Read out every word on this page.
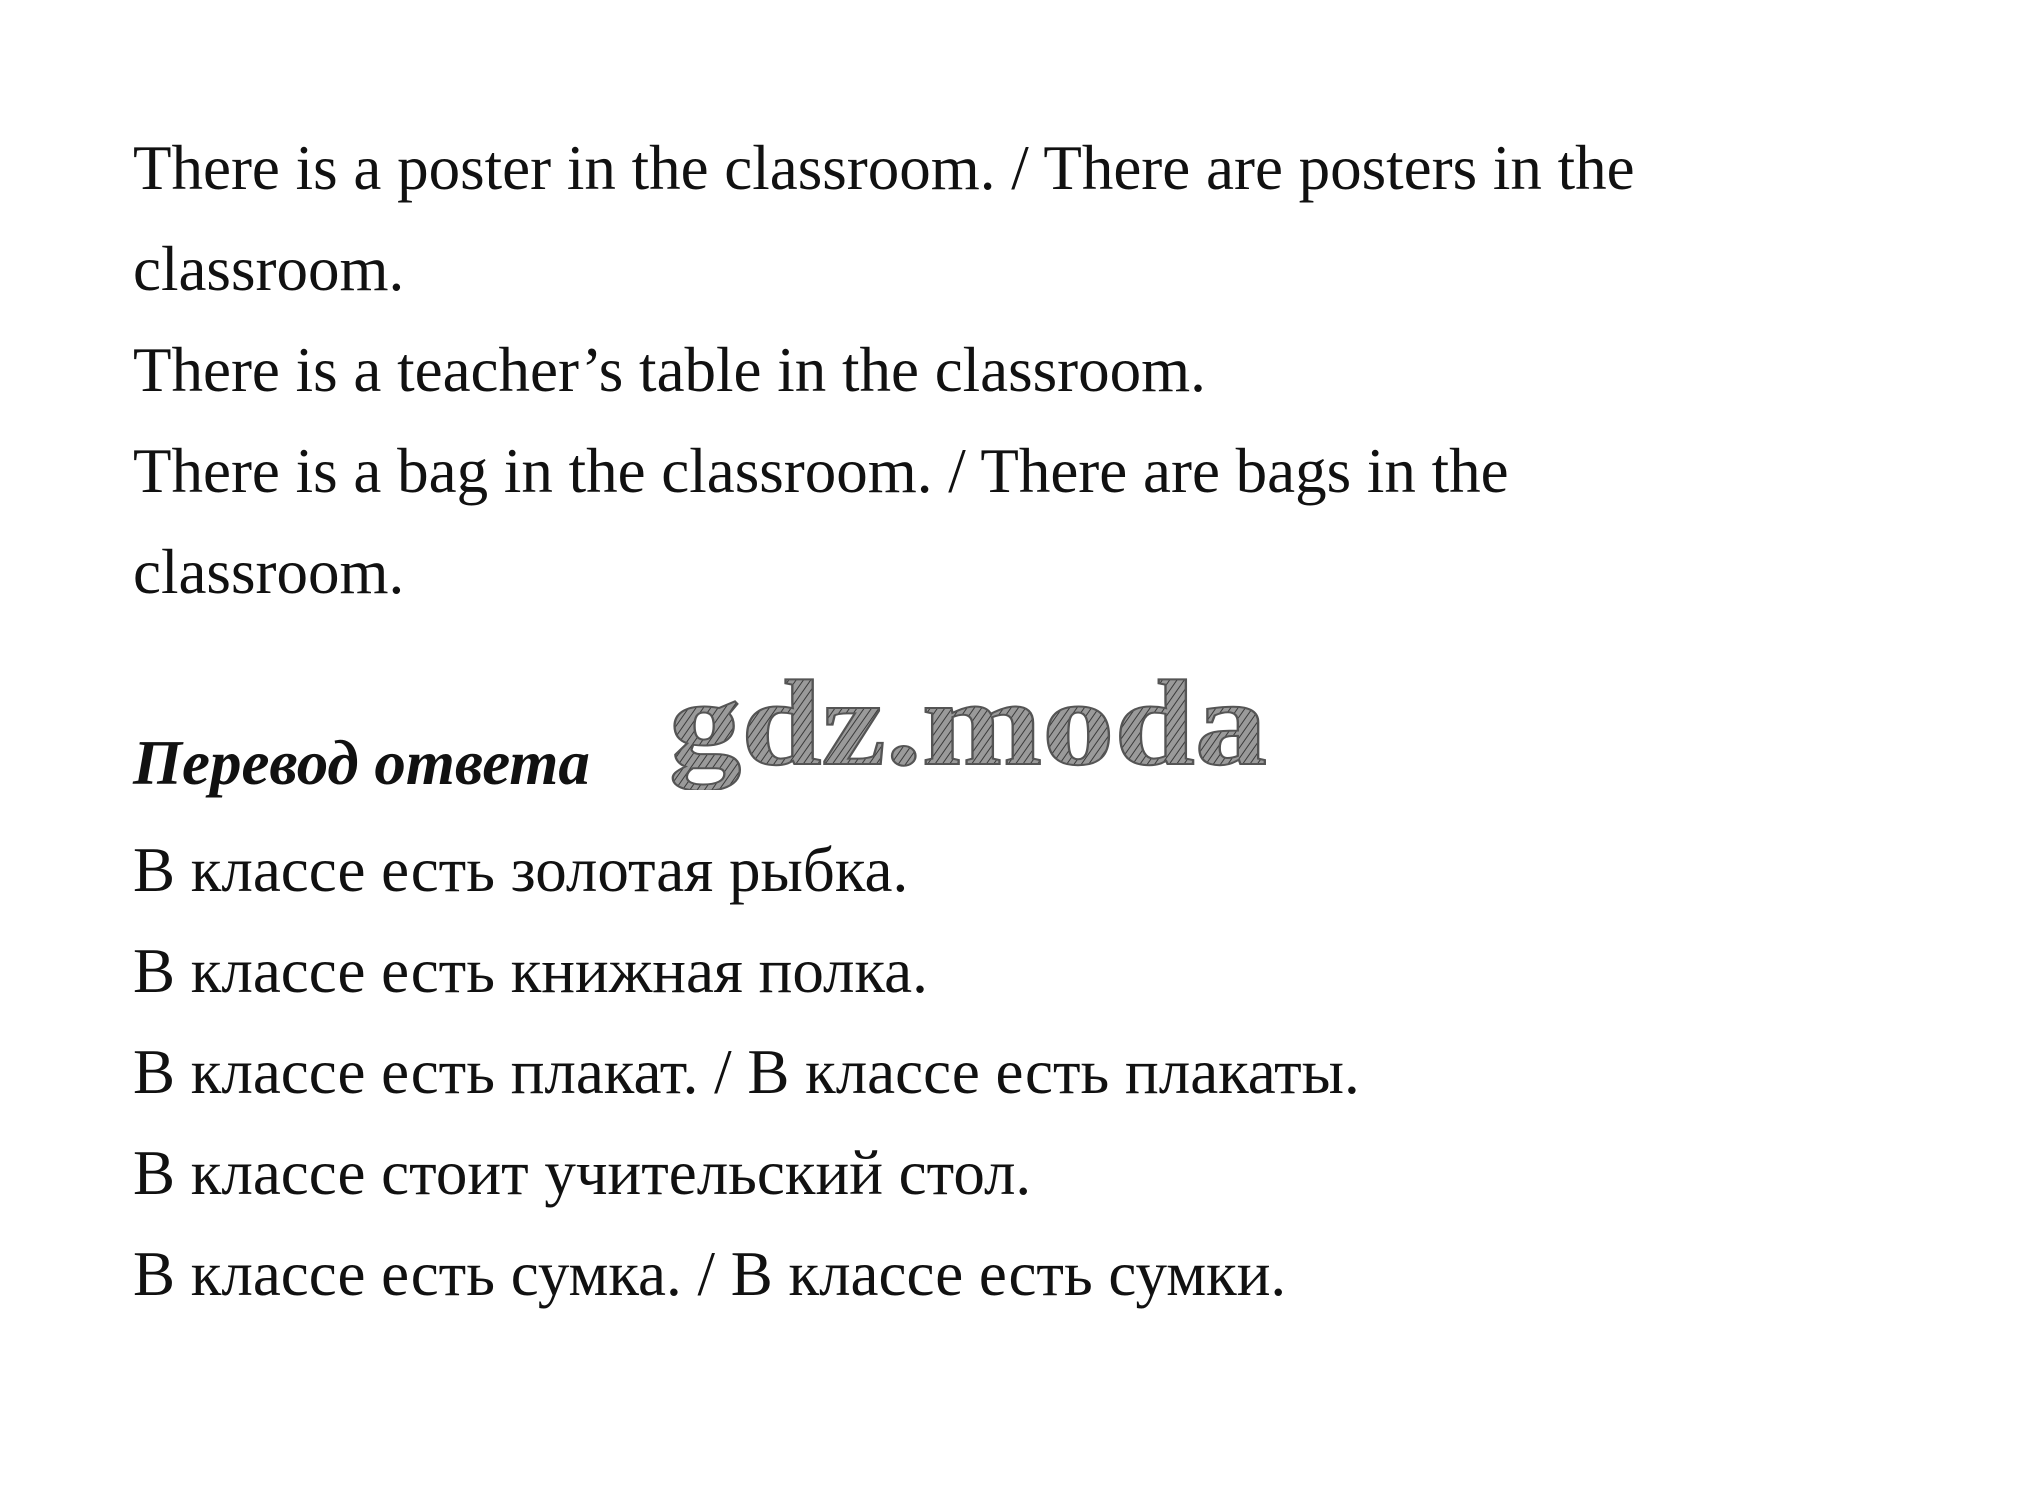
There is a poster in the classroom. / There are posters in the
classroom.
There is a teacher’s table in the classroom.
There is a bag in the classroom. / There are bags in the
classroom.
Перевод ответа gdz.moda
В классе есть золотая рыбка.
В классе есть книжная полка.
В классе есть плакат. / В классе есть плакаты.
В классе стоит учительский стол.
В классе есть сумка. / В классе есть сумки.
